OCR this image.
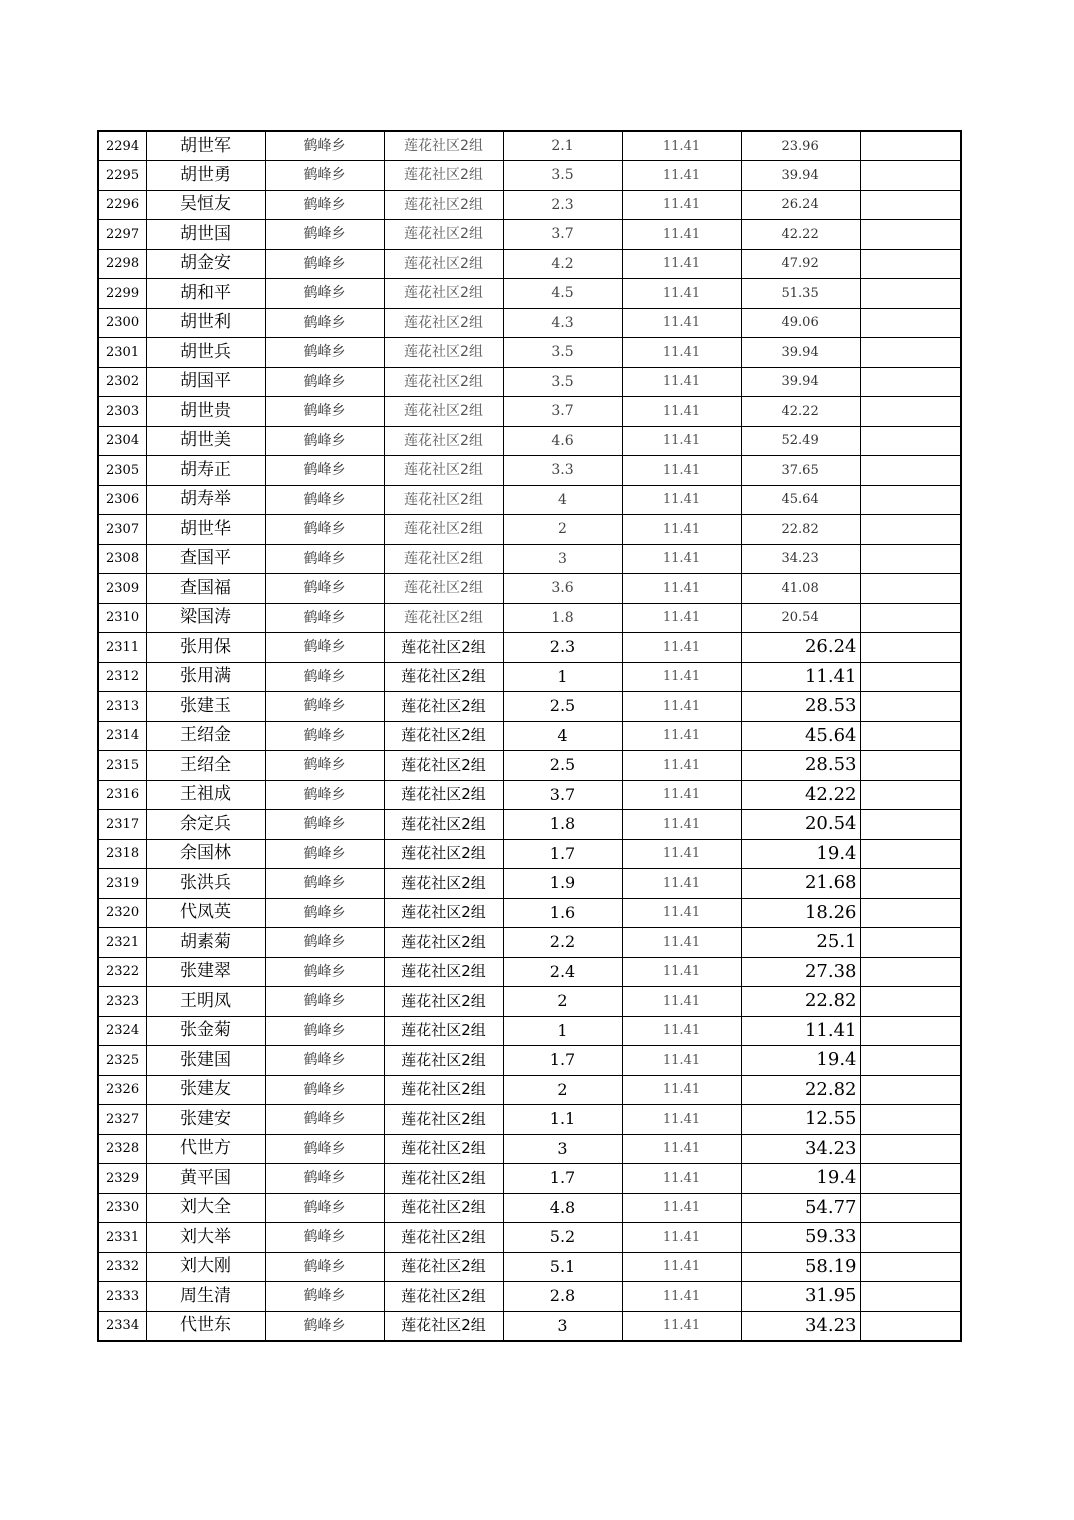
2294	胡世军	鹤峰乡	莲花社区2组	2.1	11.41	23.96	
2295	胡世勇	鹤峰乡	莲花社区2组	3.5	11.41	39.94	
2296	吴恒友	鹤峰乡	莲花社区2组	2.3	11.41	26.24	
2297	胡世国	鹤峰乡	莲花社区2组	3.7	11.41	42.22	
2298	胡金安	鹤峰乡	莲花社区2组	4.2	11.41	47.92	
2299	胡和平	鹤峰乡	莲花社区2组	4.5	11.41	51.35	
2300	胡世利	鹤峰乡	莲花社区2组	4.3	11.41	49.06	
2301	胡世兵	鹤峰乡	莲花社区2组	3.5	11.41	39.94	
2302	胡国平	鹤峰乡	莲花社区2组	3.5	11.41	39.94	
2303	胡世贵	鹤峰乡	莲花社区2组	3.7	11.41	42.22	
2304	胡世美	鹤峰乡	莲花社区2组	4.6	11.41	52.49	
2305	胡寿正	鹤峰乡	莲花社区2组	3.3	11.41	37.65	
2306	胡寿举	鹤峰乡	莲花社区2组	4	11.41	45.64	
2307	胡世华	鹤峰乡	莲花社区2组	2	11.41	22.82	
2308	查国平	鹤峰乡	莲花社区2组	3	11.41	34.23	
2309	查国福	鹤峰乡	莲花社区2组	3.6	11.41	41.08	
2310	梁国涛	鹤峰乡	莲花社区2组	1.8	11.41	20.54	
2311	张用保	鹤峰乡	莲花社区2组	2.3	11.41	26.24	
2312	张用满	鹤峰乡	莲花社区2组	1	11.41	11.41	
2313	张建玉	鹤峰乡	莲花社区2组	2.5	11.41	28.53	
2314	王绍金	鹤峰乡	莲花社区2组	4	11.41	45.64	
2315	王绍全	鹤峰乡	莲花社区2组	2.5	11.41	28.53	
2316	王祖成	鹤峰乡	莲花社区2组	3.7	11.41	42.22	
2317	余定兵	鹤峰乡	莲花社区2组	1.8	11.41	20.54	
2318	余国林	鹤峰乡	莲花社区2组	1.7	11.41	19.4	
2319	张洪兵	鹤峰乡	莲花社区2组	1.9	11.41	21.68	
2320	代凤英	鹤峰乡	莲花社区2组	1.6	11.41	18.26	
2321	胡素菊	鹤峰乡	莲花社区2组	2.2	11.41	25.1	
2322	张建翠	鹤峰乡	莲花社区2组	2.4	11.41	27.38	
2323	王明凤	鹤峰乡	莲花社区2组	2	11.41	22.82	
2324	张金菊	鹤峰乡	莲花社区2组	1	11.41	11.41	
2325	张建国	鹤峰乡	莲花社区2组	1.7	11.41	19.4	
2326	张建友	鹤峰乡	莲花社区2组	2	11.41	22.82	
2327	张建安	鹤峰乡	莲花社区2组	1.1	11.41	12.55	
2328	代世方	鹤峰乡	莲花社区2组	3	11.41	34.23	
2329	黄平国	鹤峰乡	莲花社区2组	1.7	11.41	19.4	
2330	刘大全	鹤峰乡	莲花社区2组	4.8	11.41	54.77	
2331	刘大举	鹤峰乡	莲花社区2组	5.2	11.41	59.33	
2332	刘大刚	鹤峰乡	莲花社区2组	5.1	11.41	58.19	
2333	周生清	鹤峰乡	莲花社区2组	2.8	11.41	31.95	
2334	代世东	鹤峰乡	莲花社区2组	3	11.41	34.23	
